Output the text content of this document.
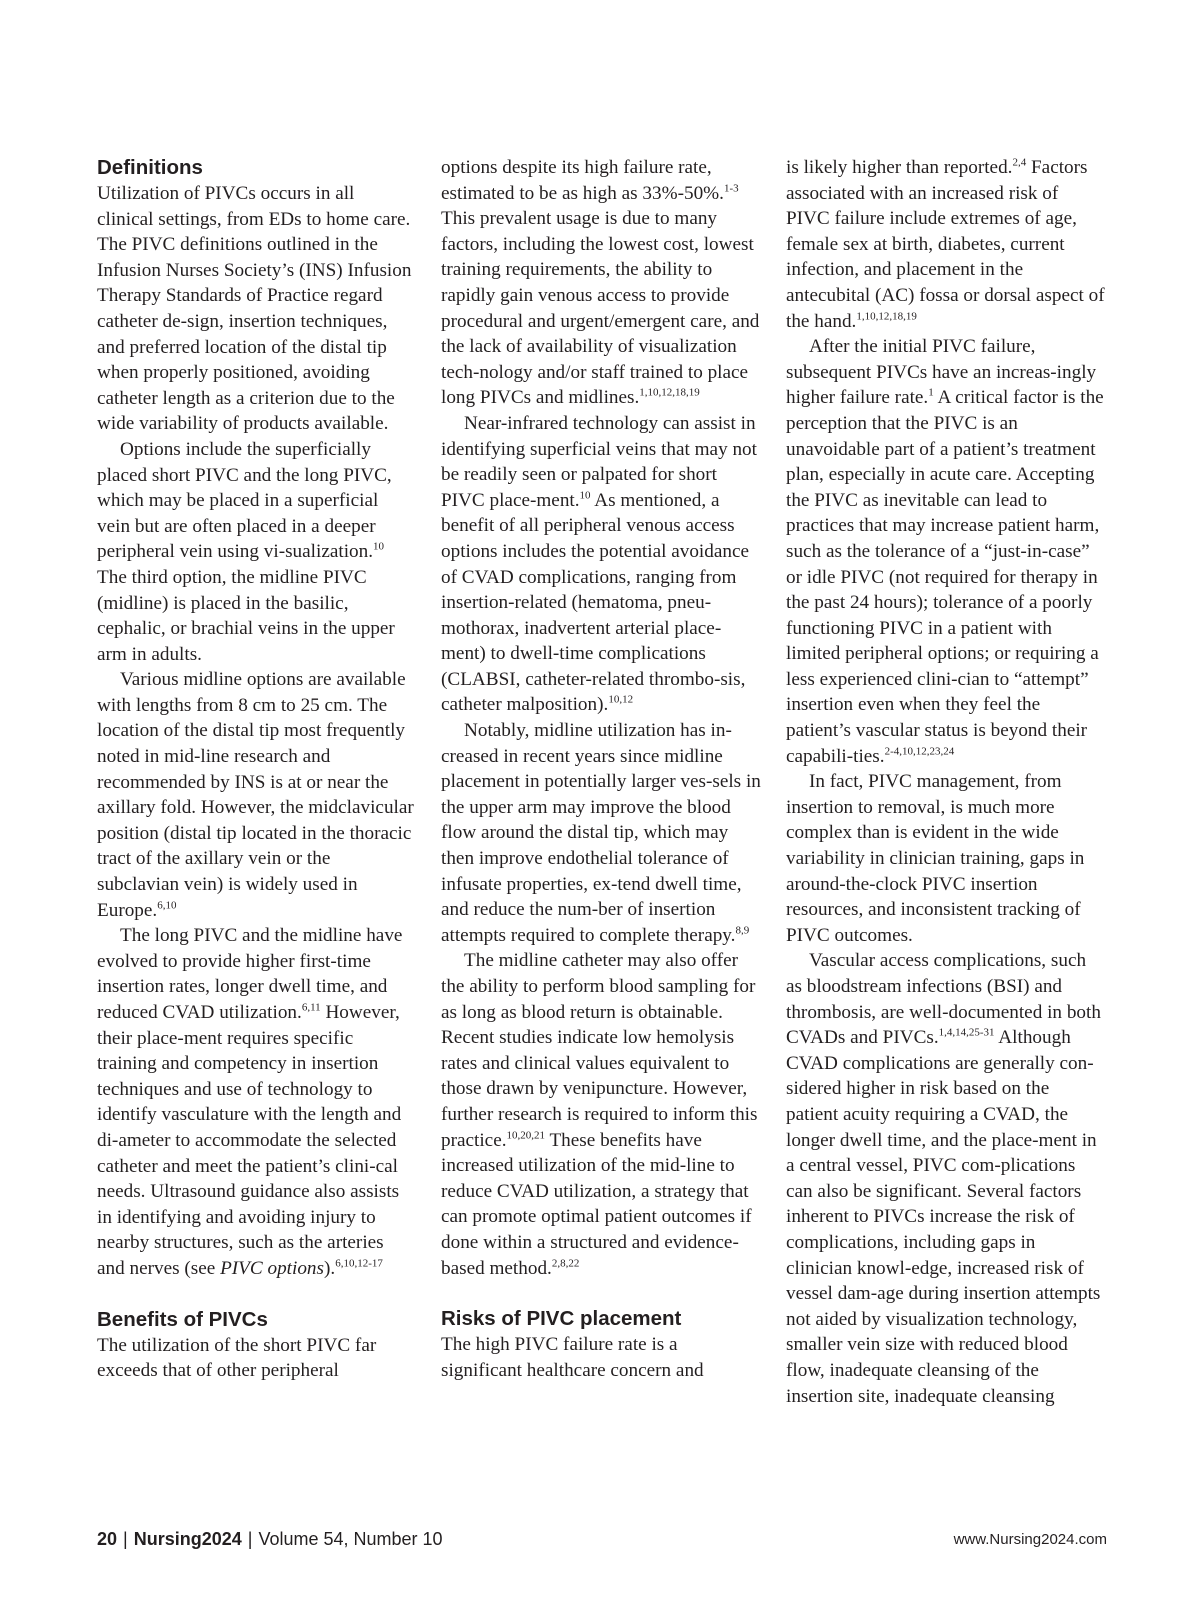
Definitions

Utilization of PIVCs occurs in all clinical settings, from EDs to home care. The PIVC definitions outlined in the Infusion Nurses Society’s (INS) Infusion Therapy Standards of Practice regard catheter de-sign, insertion techniques, and preferred location of the distal tip when properly positioned, avoiding catheter length as a criterion due to the wide variability of products available.

Options include the superficially placed short PIVC and the long PIVC, which may be placed in a superficial vein but are often placed in a deeper peripheral vein using vi-sualization.$^{10}$ The third option, the midline PIVC (midline) is placed in the basilic, cephalic, or brachial veins in the upper arm in adults.

Various midline options are available with lengths from 8 cm to 25 cm. The location of the distal tip most frequently noted in mid-line research and recommended by INS is at or near the axillary fold. However, the midclavicular position (distal tip located in the thoracic tract of the axillary vein or the subclavian vein) is widely used in Europe.$^{6,10}$

The long PIVC and the midline have evolved to provide higher first-time insertion rates, longer dwell time, and reduced CVAD utilization.$^{6,11}$ However, their place-ment requires specific training and competency in insertion techniques and use of technology to identify vasculature with the length and di-ameter to accommodate the selected catheter and meet the patient’s clini-cal needs. Ultrasound guidance also assists in identifying and avoiding injury to nearby structures, such as the arteries and nerves (see PIVC options).$^{6,10,12-17}$

Benefits of PIVCs

The utilization of the short PIVC far exceeds that of other peripheral

options despite its high failure rate, estimated to be as high as 33%-50%.$^{1-3}$ This prevalent usage is due to many factors, including the lowest cost, lowest training requirements, the ability to rapidly gain venous access to provide procedural and urgent/emergent care, and the lack of availability of visualization tech-nology and/or staff trained to place long PIVCs and midlines.$^{1,10,12,18,19}$

Near-infrared technology can assist in identifying superficial veins that may not be readily seen or palpated for short PIVC place-ment.$^{10}$ As mentioned, a benefit of all peripheral venous access options includes the potential avoidance of CVAD complications, ranging from insertion-related (hematoma, pneu-mothorax, inadvertent arterial place-ment) to dwell-time complications (CLABSI, catheter-related thrombo-sis, catheter malposition).$^{10,12}$

Notably, midline utilization has in-creased in recent years since midline placement in potentially larger ves-sels in the upper arm may improve the blood flow around the distal tip, which may then improve endothelial tolerance of infusate properties, ex-tend dwell time, and reduce the num-ber of insertion attempts required to complete therapy.$^{8,9}$

The midline catheter may also offer the ability to perform blood sampling for as long as blood return is obtainable. Recent studies indicate low hemolysis rates and clinical values equivalent to those drawn by venipuncture. However, further research is required to inform this practice.$^{10,20,21}$ These benefits have increased utilization of the mid-line to reduce CVAD utilization, a strategy that can promote optimal patient outcomes if done within a structured and evidence-based method.$^{2,8,22}$

Risks of PIVC placement

The high PIVC failure rate is a significant healthcare concern and

is likely higher than reported.$^{2,4}$ Factors associated with an increased risk of PIVC failure include extremes of age, female sex at birth, diabetes, current infection, and placement in the antecubital (AC) fossa or dorsal aspect of the hand.$^{1,10,12,18,19}$

After the initial PIVC failure, subsequent PIVCs have an increas-ingly higher failure rate.$^1$ A critical factor is the perception that the PIVC is an unavoidable part of a patient’s treatment plan, especially in acute care. Accepting the PIVC as inevitable can lead to practices that may increase patient harm, such as the tolerance of a “just-in-case” or idle PIVC (not required for therapy in the past 24 hours); tolerance of a poorly functioning PIVC in a patient with limited peripheral options; or requiring a less experienced clini-cian to “attempt” insertion even when they feel the patient’s vascular status is beyond their capabili-ties.$^{2-4,10,12,23,24}$

In fact, PIVC management, from insertion to removal, is much more complex than is evident in the wide variability in clinician training, gaps in around-the-clock PIVC insertion resources, and inconsistent tracking of PIVC outcomes.

Vascular access complications, such as bloodstream infections (BSI) and thrombosis, are well-documented in both CVADs and PIVCs.$^{1,4,14,25-31}$ Although CVAD complications are generally con-sidered higher in risk based on the patient acuity requiring a CVAD, the longer dwell time, and the place-ment in a central vessel, PIVC com-plications can also be significant. Several factors inherent to PIVCs increase the risk of complications, including gaps in clinician knowl-edge, increased risk of vessel dam-age during insertion attempts not aided by visualization technology, smaller vein size with reduced blood flow, inadequate cleansing of the insertion site, inadequate cleansing

20 | Nursing2024 | Volume 54, Number 10	www.Nursing2024.com
